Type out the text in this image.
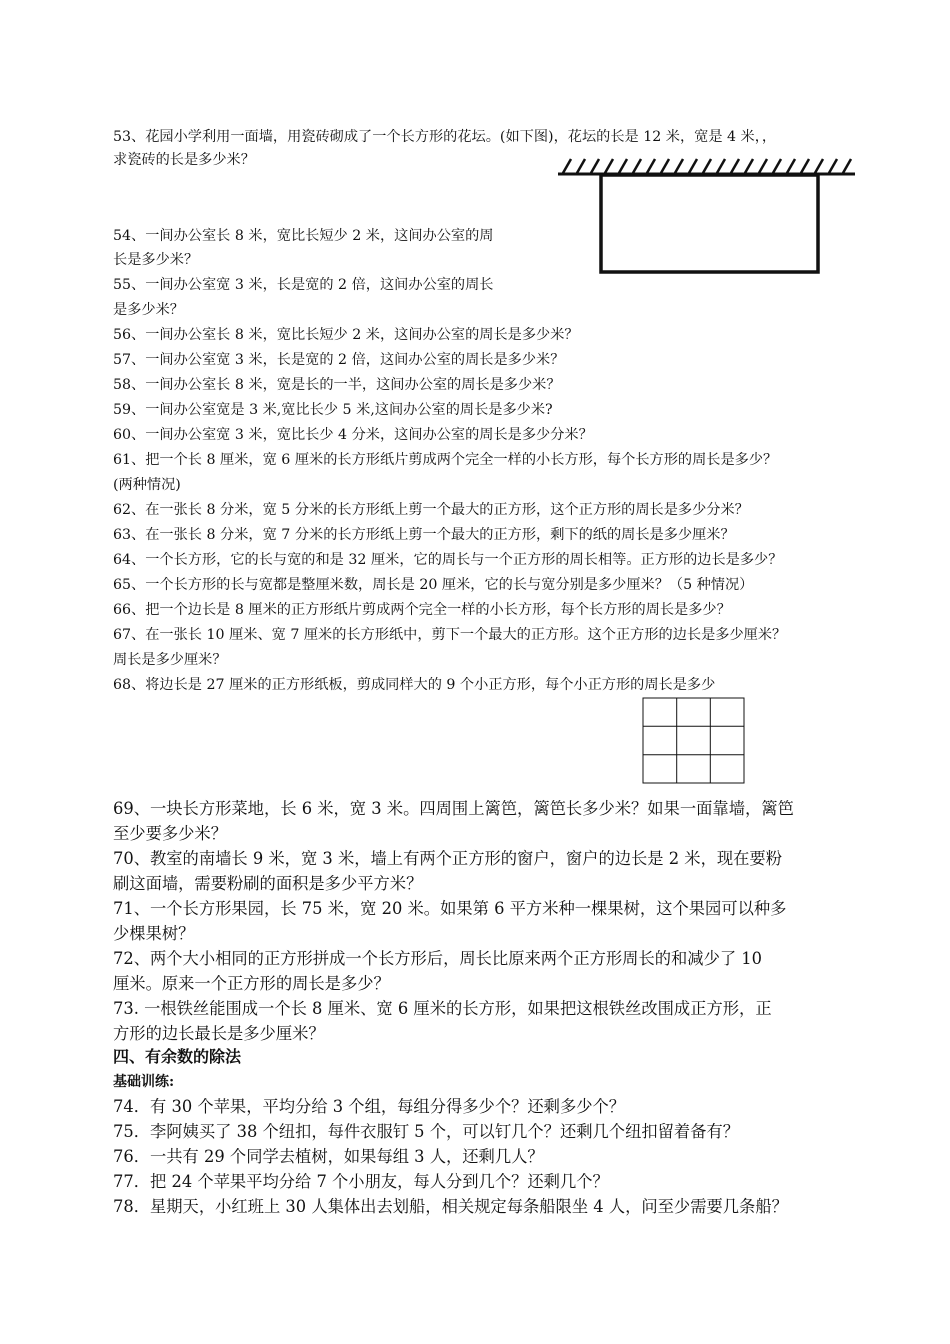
53、花园小学利用一面墙，用瓷砖砌成了一个长方形的花坛。(如下图)，花坛的长是 12 米，宽是 4 米，，
求瓷砖的长是多少米？
54、一间办公室长 8 米，宽比长短少 2 米，这间办公室的周
长是多少米？
55、一间办公室宽 3 米，长是宽的 2 倍，这间办公室的周长
是多少米？
56、一间办公室长 8 米，宽比长短少 2 米，这间办公室的周长是多少米？
57、一间办公室宽 3 米，长是宽的 2 倍，这间办公室的周长是多少米？
58、一间办公室长 8 米，宽是长的一半，这间办公室的周长是多少米？
59、一间办公室宽是 3 米,宽比长少 5 米,这间办公室的周长是多少米?
60、一间办公室宽 3 米，宽比长少 4 分米，这间办公室的周长是多少分米？
61、把一个长 8 厘米，宽 6 厘米的长方形纸片剪成两个完全一样的小长方形，每个长方形的周长是多少？
(两种情况)
62、在一张长 8 分米，宽 5 分米的长方形纸上剪一个最大的正方形，这个正方形的周长是多少分米？
63、在一张长 8 分米，宽 7 分米的长方形纸上剪一个最大的正方形，剩下的纸的周长是多少厘米？
64、一个长方形，它的长与宽的和是 32 厘米，它的周长与一个正方形的周长相等。正方形的边长是多少？
65、一个长方形的长与宽都是整厘米数，周长是 20 厘米，它的长与宽分别是多少厘米？（5 种情况）
66、把一个边长是 8 厘米的正方形纸片剪成两个完全一样的小长方形，每个长方形的周长是多少？
67、在一张长 10 厘米、宽 7 厘米的长方形纸中，剪下一个最大的正方形。这个正方形的边长是多少厘米？
周长是多少厘米？
68、将边长是 27 厘米的正方形纸板，剪成同样大的 9 个小正方形，每个小正方形的周长是多少
69、一块长方形菜地，长 6 米，宽 3 米。四周围上篱笆，篱笆长多少米？如果一面靠墙，篱笆
至少要多少米？
70、教室的南墙长 9 米，宽 3 米，墙上有两个正方形的窗户，窗户的边长是 2 米，现在要粉
刷这面墙，需要粉刷的面积是多少平方米？
71、一个长方形果园，长 75 米，宽 20 米。如果第 6 平方米种一棵果树，这个果园可以种多
少棵果树？
72、两个大小相同的正方形拼成一个长方形后，周长比原来两个正方形周长的和减少了 10
厘米。原来一个正方形的周长是多少？
73. 一根铁丝能围成一个长 8 厘米、宽 6 厘米的长方形，如果把这根铁丝改围成正方形，正
方形的边长最长是多少厘米？
四、有余数的除法
基础训练:
74．有 30 个苹果，平均分给 3 个组，每组分得多少个？还剩多少个？
75．李阿姨买了 38 个纽扣，每件衣服钉 5 个，可以钉几个？还剩几个纽扣留着备有？
76．一共有 29 个同学去植树，如果每组 3 人，还剩几人？
77．把 24 个苹果平均分给 7 个小朋友，每人分到几个？还剩几个？
78．星期天，小红班上 30 人集体出去划船，相关规定每条船限坐 4 人，问至少需要几条船？
